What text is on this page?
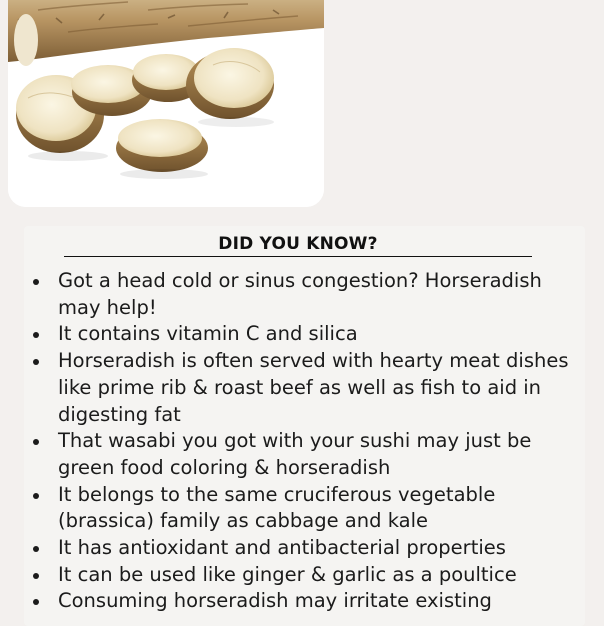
DID YOU KNOW?
Got a head cold or sinus congestion? Horseradish may help!
It contains vitamin C and silica
Horseradish is often served with hearty meat dishes like prime rib & roast beef as well as fish to aid in digesting fat
That wasabi you got with your sushi may just be green food coloring & horseradish
It belongs to the same cruciferous vegetable (brassica) family as cabbage and kale
It has antioxidant and antibacterial properties
It can be used like ginger & garlic as a poultice
Consuming horseradish may irritate existing
